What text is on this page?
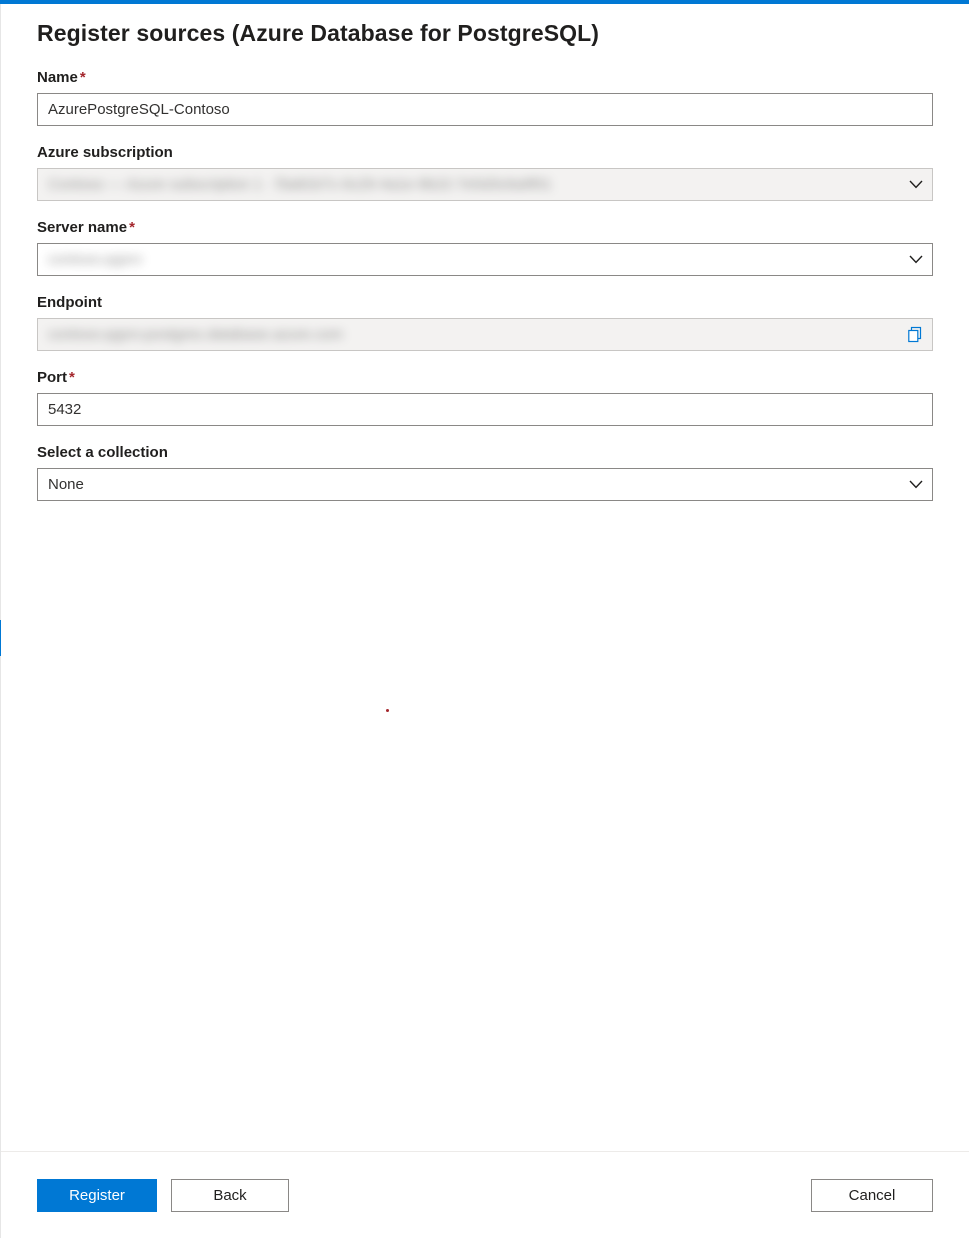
Register sources (Azure Database for PostgreSQL)
Name *
AzurePostgreSQL-Contoso
Azure subscription
Contoso — Azure subscription 1 · f3a81b7c-0c29-4a1e-9b22-7e5d3c6a9f01
Server name *
contoso-pgsrv
Endpoint
contoso-pgsrv.postgres.database.azure.com
Port *
5432
Select a collection
None
Register	Back	Cancel
